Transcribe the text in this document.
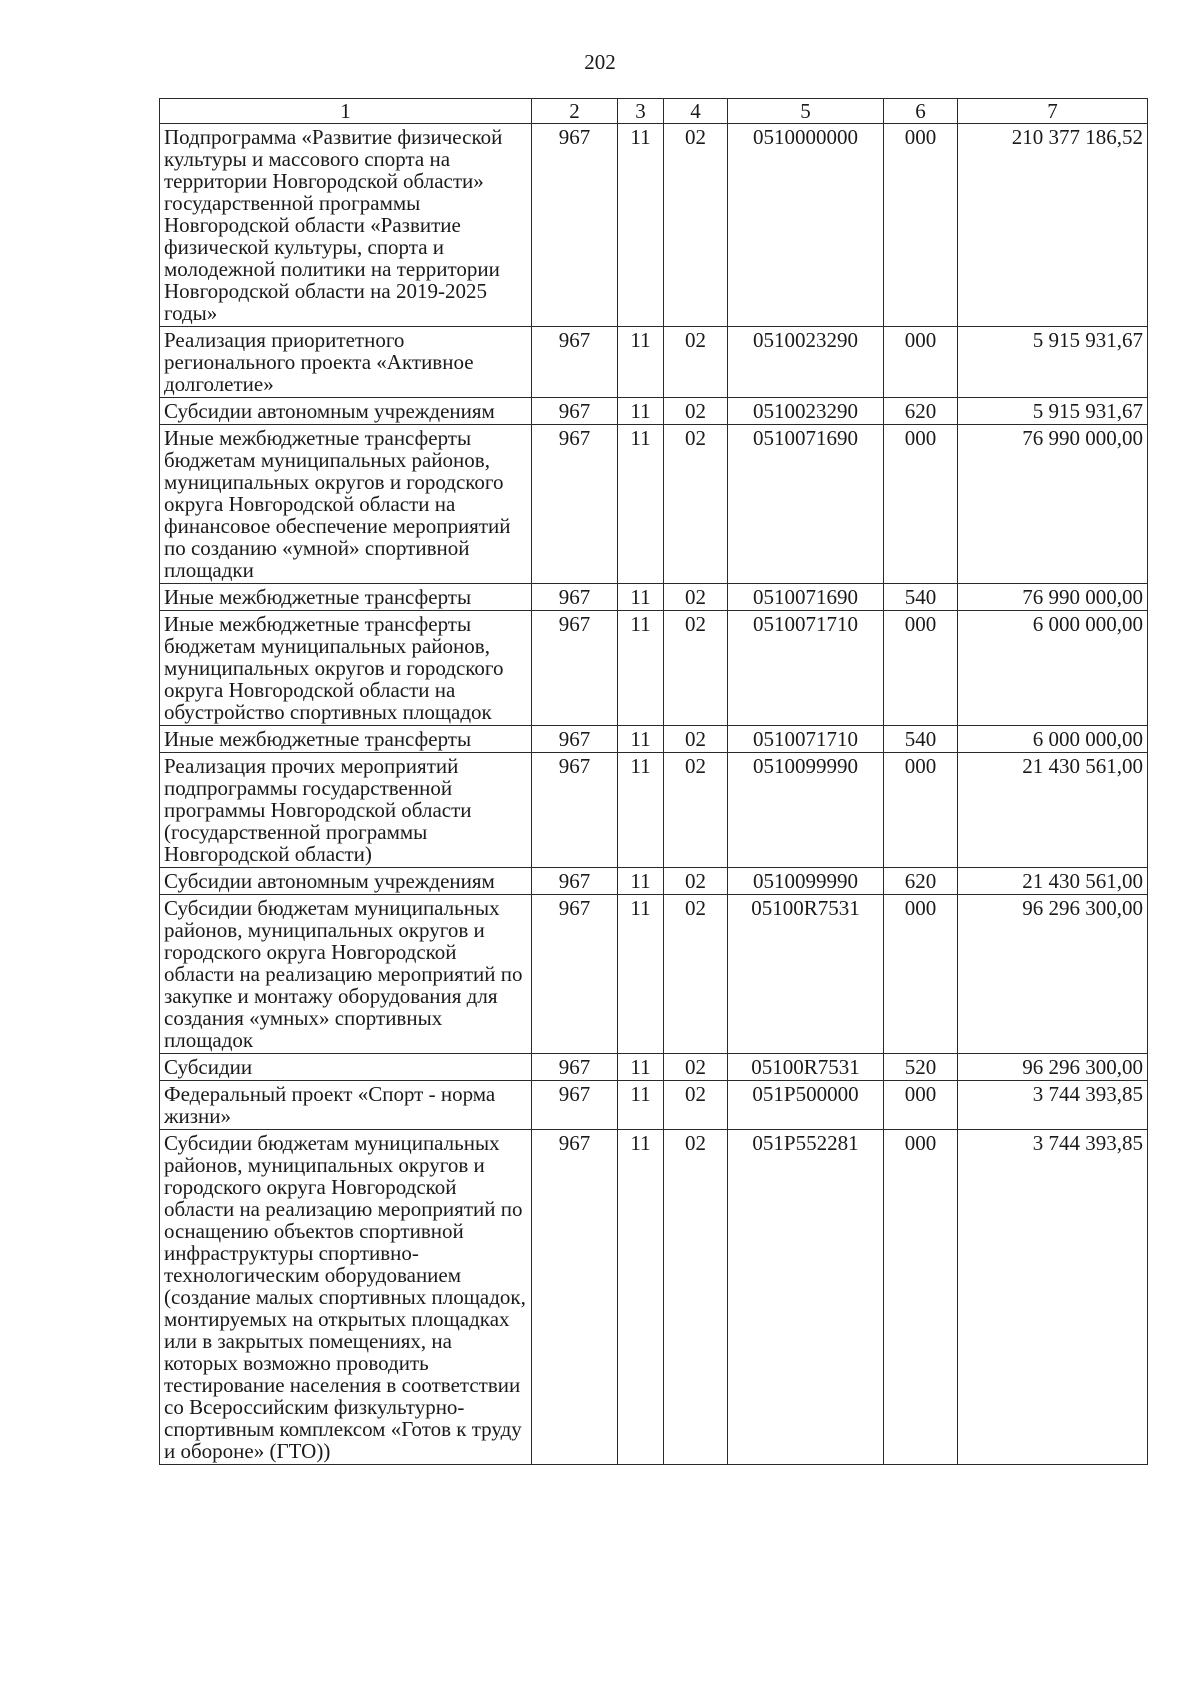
202
1	2	3	4	5	6	7
Подпрограмма «Развитие физической культуры и массового спорта на территории Новгородской области» государственной программы Новгородской области «Развитие физической культуры, спорта и молодежной политики на территории Новгородской области на 2019-2025 годы»	967	11	02	0510000000	000	210 377 186,52
Реализация приоритетного регионального проекта «Активное долголетие»	967	11	02	0510023290	000	5 915 931,67
Субсидии автономным учреждениям	967	11	02	0510023290	620	5 915 931,67
Иные межбюджетные трансферты бюджетам муниципальных районов, муниципальных округов и городского округа Новгородской области на финансовое обеспечение мероприятий по созданию «умной» спортивной площадки	967	11	02	0510071690	000	76 990 000,00
Иные межбюджетные трансферты	967	11	02	0510071690	540	76 990 000,00
Иные межбюджетные трансферты бюджетам муниципальных районов, муниципальных округов и городского округа Новгородской области на обустройство спортивных площадок	967	11	02	0510071710	000	6 000 000,00
Иные межбюджетные трансферты	967	11	02	0510071710	540	6 000 000,00
Реализация прочих мероприятий подпрограммы государственной программы Новгородской области (государственной программы Новгородской области)	967	11	02	0510099990	000	21 430 561,00
Субсидии автономным учреждениям	967	11	02	0510099990	620	21 430 561,00
Субсидии бюджетам муниципальных районов, муниципальных округов и городского округа Новгородской области на реализацию мероприятий по закупке и монтажу оборудования для создания «умных» спортивных площадок	967	11	02	05100R7531	000	96 296 300,00
Субсидии	967	11	02	05100R7531	520	96 296 300,00
Федеральный проект «Спорт - норма жизни»	967	11	02	051P500000	000	3 744 393,85
Субсидии бюджетам муниципальных районов, муниципальных округов и городского округа Новгородской области на реализацию мероприятий по оснащению объектов спортивной инфраструктуры спортивно-технологическим оборудованием (создание малых спортивных площадок, монтируемых на открытых площадках или в закрытых помещениях, на которых возможно проводить тестирование населения в соответствии со Всероссийским физкультурно-спортивным комплексом «Готов к труду и обороне» (ГТО))	967	11	02	051P552281	000	3 744 393,85
